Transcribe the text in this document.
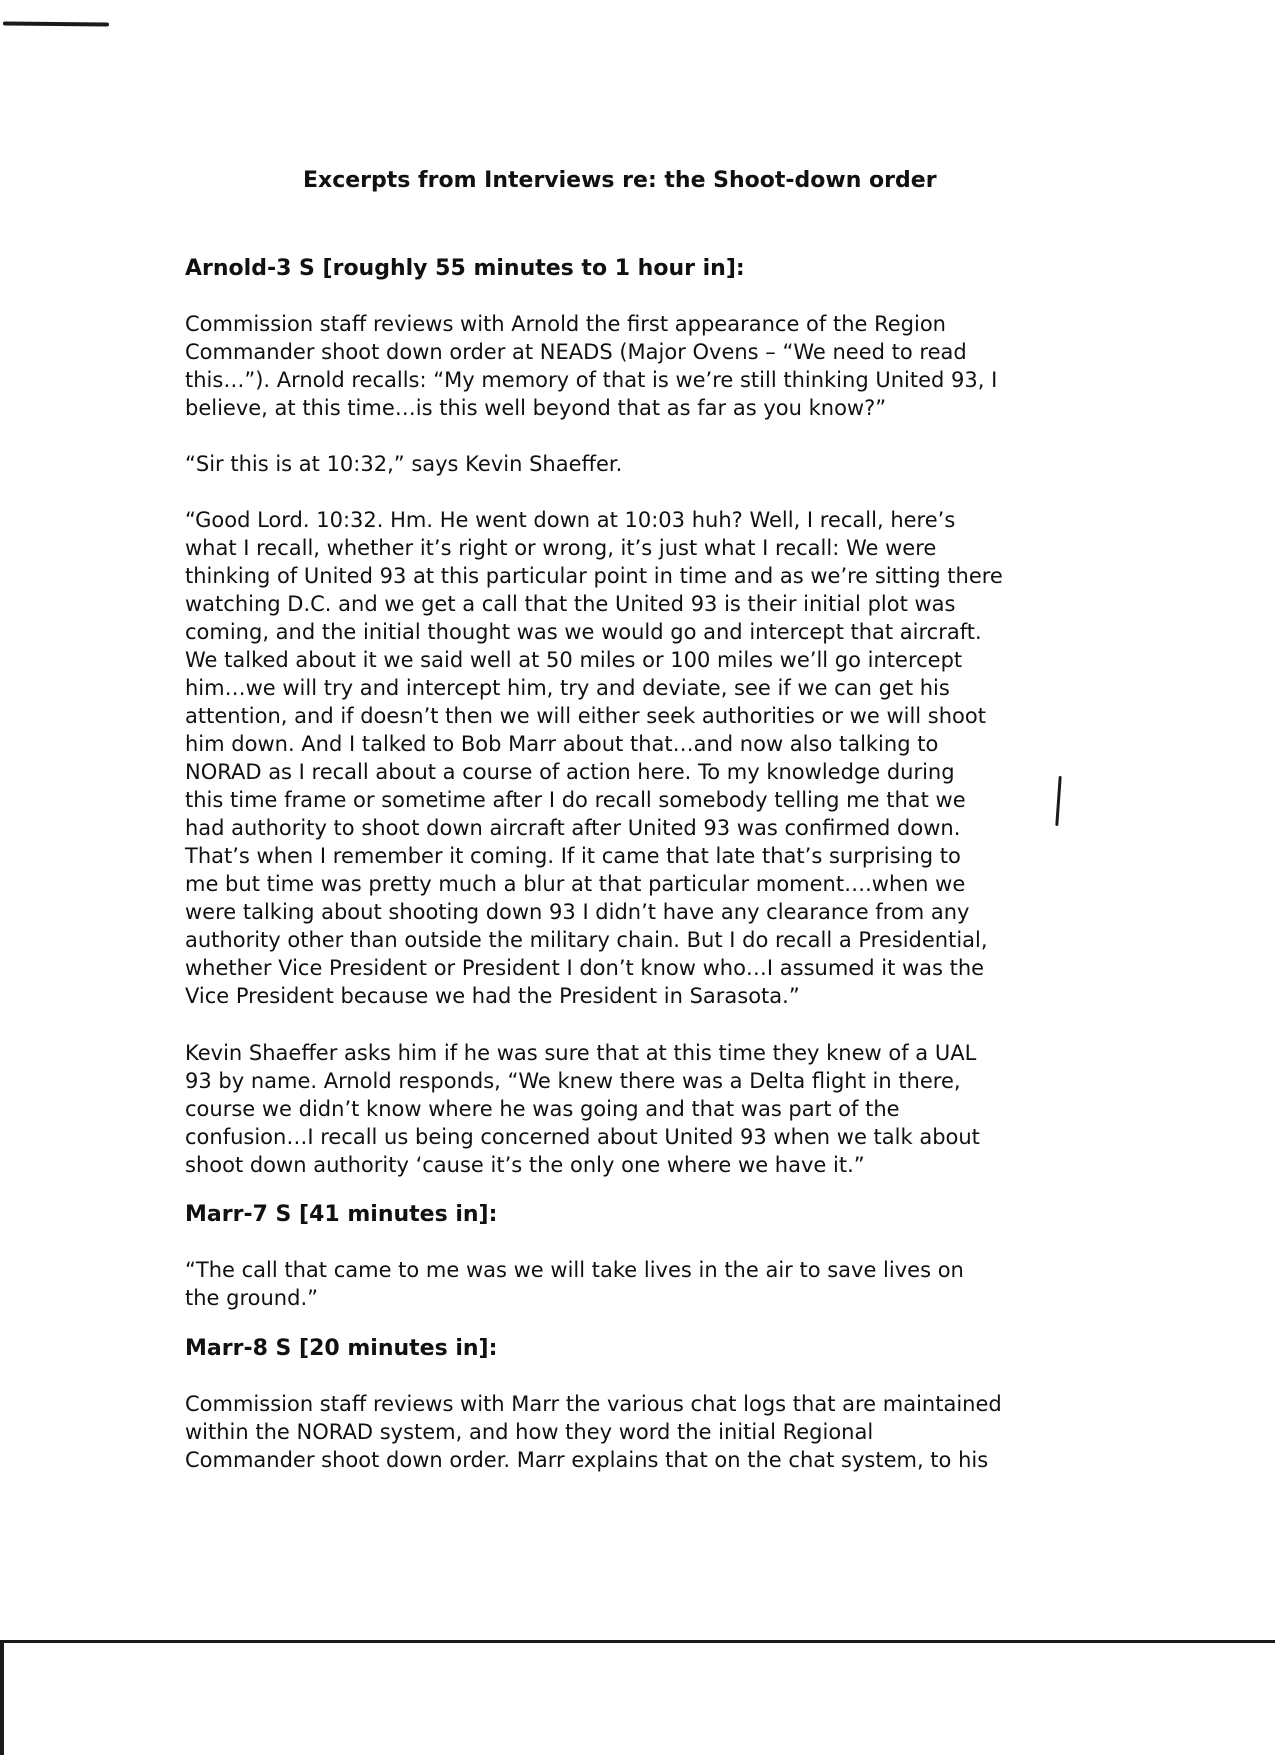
Excerpts from Interviews re: the Shoot-down order
Arnold-3 S [roughly 55 minutes to 1 hour in]:

Commission staff reviews with Arnold the first appearance of the Region
Commander shoot down order at NEADS (Major Ovens – “We need to read
this…”). Arnold recalls: “My memory of that is we’re still thinking United 93, I
believe, at this time…is this well beyond that as far as you know?”

“Sir this is at 10:32,” says Kevin Shaeffer.

“Good Lord. 10:32. Hm. He went down at 10:03 huh? Well, I recall, here’s
what I recall, whether it’s right or wrong, it’s just what I recall: We were
thinking of United 93 at this particular point in time and as we’re sitting there
watching D.C. and we get a call that the United 93 is their initial plot was
coming, and the initial thought was we would go and intercept that aircraft.
We talked about it we said well at 50 miles or 100 miles we’ll go intercept
him…we will try and intercept him, try and deviate, see if we can get his
attention, and if doesn’t then we will either seek authorities or we will shoot
him down. And I talked to Bob Marr about that…and now also talking to
NORAD as I recall about a course of action here. To my knowledge during
this time frame or sometime after I do recall somebody telling me that we
had authority to shoot down aircraft after United 93 was confirmed down.
That’s when I remember it coming. If it came that late that’s surprising to
me but time was pretty much a blur at that particular moment….when we
were talking about shooting down 93 I didn’t have any clearance from any
authority other than outside the military chain. But I do recall a Presidential,
whether Vice President or President I don’t know who…I assumed it was the
Vice President because we had the President in Sarasota.”

Kevin Shaeffer asks him if he was sure that at this time they knew of a UAL
93 by name. Arnold responds, “We knew there was a Delta flight in there,
course we didn’t know where he was going and that was part of the
confusion…I recall us being concerned about United 93 when we talk about
shoot down authority ‘cause it’s the only one where we have it.”

Marr-7 S [41 minutes in]:

“The call that came to me was we will take lives in the air to save lives on
the ground.”

Marr-8 S [20 minutes in]:

Commission staff reviews with Marr the various chat logs that are maintained
within the NORAD system, and how they word the initial Regional
Commander shoot down order. Marr explains that on the chat system, to his
